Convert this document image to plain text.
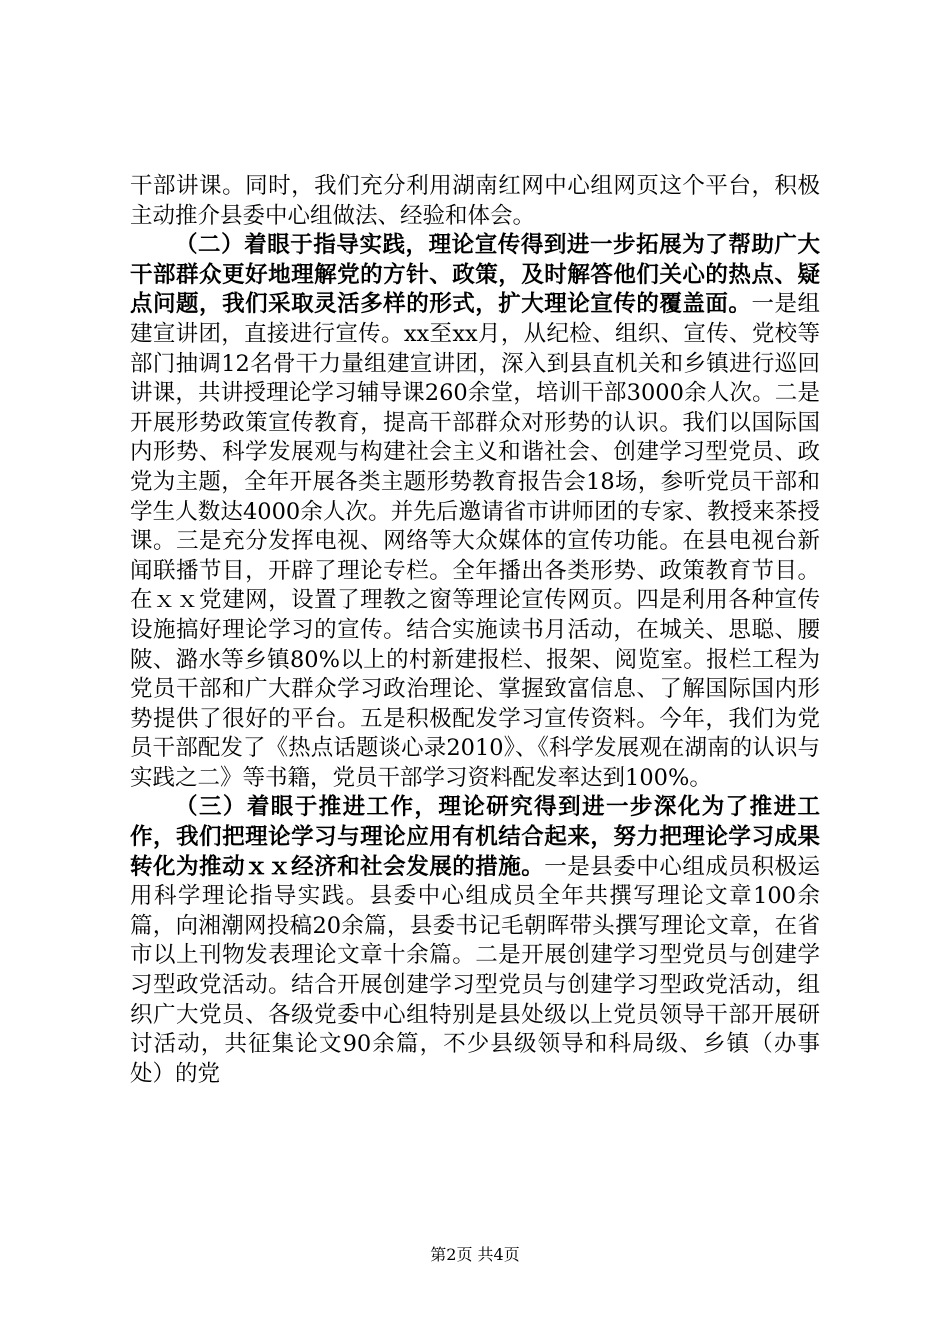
干部讲课。同时，我们充分利用湖南红网中心组网页这个平台，积极主动推介县委中心组做法、经验和体会。

（二）着眼于指导实践，理论宣传得到进一步拓展为了帮助广大干部群众更好地理解党的方针、政策，及时解答他们关心的热点、疑点问题，我们采取灵活多样的形式，扩大理论宣传的覆盖面。一是组建宣讲团，直接进行宣传。xx至xx月，从纪检、组织、宣传、党校等部门抽调12名骨干力量组建宣讲团，深入到县直机关和乡镇进行巡回讲课，共讲授理论学习辅导课260余堂，培训干部3000余人次。二是开展形势政策宣传教育，提高干部群众对形势的认识。我们以国际国内形势、科学发展观与构建社会主义和谐社会、创建学习型党员、政党为主题，全年开展各类主题形势教育报告会18场，参听党员干部和学生人数达4000余人次。并先后邀请省市讲师团的专家、教授来茶授课。三是充分发挥电视、网络等大众媒体的宣传功能。在县电视台新闻联播节目，开辟了理论专栏。全年播出各类形势、政策教育节目。在ｘｘ党建网，设置了理教之窗等理论宣传网页。四是利用各种宣传设施搞好理论学习的宣传。结合实施读书月活动，在城关、思聪、腰陂、潞水等乡镇80%以上的村新建报栏、报架、阅览室。报栏工程为党员干部和广大群众学习政治理论、掌握致富信息、了解国际国内形势提供了很好的平台。五是积极配发学习宣传资料。今年，我们为党员干部配发了《热点话题谈心录2010》、《科学发展观在湖南的认识与实践之二》等书籍，党员干部学习资料配发率达到100%。

（三）着眼于推进工作，理论研究得到进一步深化为了推进工作，我们把理论学习与理论应用有机结合起来，努力把理论学习成果转化为推动ｘｘ经济和社会发展的措施。一是县委中心组成员积极运用科学理论指导实践。县委中心组成员全年共撰写理论文章100余篇，向湘潮网投稿20余篇，县委书记毛朝晖带头撰写理论文章，在省市以上刊物发表理论文章十余篇。二是开展创建学习型党员与创建学习型政党活动。结合开展创建学习型党员与创建学习型政党活动，组织广大党员、各级党委中心组特别是县处级以上党员领导干部开展研讨活动，共征集论文90余篇，不少县级领导和科局级、乡镇（办事处）的党

第2页 共4页
